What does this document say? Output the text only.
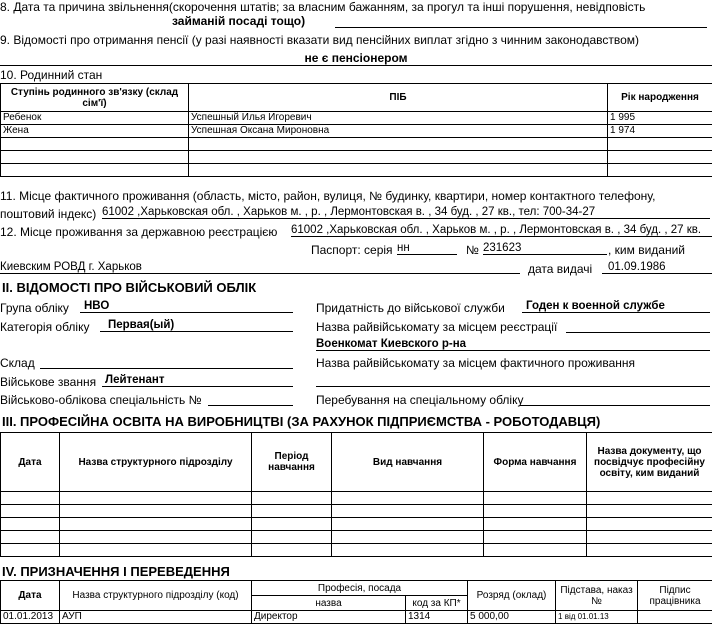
8. Дата та причина звільнення(скорочення штатів; за власним бажанням, за прогул та інші порушення, невідповість
займаній посаді тощо)
9. Відомості про отримання пенсії (у разі наявності вказати вид пенсійних виплат згідно з чинним законодавством)
не є пенсіонером
10. Родинний стан
Ступінь родинного зв'язку (склад сім'ї)	ПІБ	Рік народження
Ребенок	Успешный Илья Игоревич	1 995
Жена	Успешная Оксана Мироновна	1 974

11. Місце фактичного проживання (область, місто, район, вулиця, № будинку, квартири, номер контактного телефону,
поштовий індекс) 61002 ,Харьковская обл. , Харьков м. , р. , Лермонтовская в. , 34 буд. , 27 кв., тел: 700-34-27
12. Місце проживання за державною реєстрацією 61002 ,Харьковская обл. , Харьков м. , р. , Лермонтовская в. , 34 буд. , 27 кв.
Паспорт: серія нн	№ 231623	, ким виданий
Киевским РОВД г. Харьков	дата видачі	01.09.1986
II. ВІДОМОСТІ ПРО ВІЙСЬКОВИЙ ОБЛІК
Група обліку	НВО
Категорія обліку	Первая(ый)
Склад
Військове звання Лейтенант
Військово-облікова спеціальність №
Придатність до військової служби	Годен к военной службе
Назва райвійськомату за місцем реєстрації
Военкомат Киевского р-на
Назва райвійськомату за місцем фактичного проживання
Перебування на спеціальному обліку
III. ПРОФЕСІЙНА ОСВІТА НА ВИРОБНИЦТВІ (ЗА РАХУНОК ПІДПРИЄМСТВА - РОБОТОДАВЦЯ)
Дата	Назва структурного підрозділу	Період навчання	Вид навчання	Форма навчання	Назва документу, що посвідчує професійну освіту, ким виданий

IV. ПРИЗНАЧЕННЯ І ПЕРЕВЕДЕННЯ
Дата	Назва структурного підрозділу (код)	Професія, посада		Розряд (оклад)	Підстава, наказ №	Підпис працівника
		назва	код за КП*			
01.01.2013	АУП	Директор	1314	5 000,00	1 від 01.01.13	
